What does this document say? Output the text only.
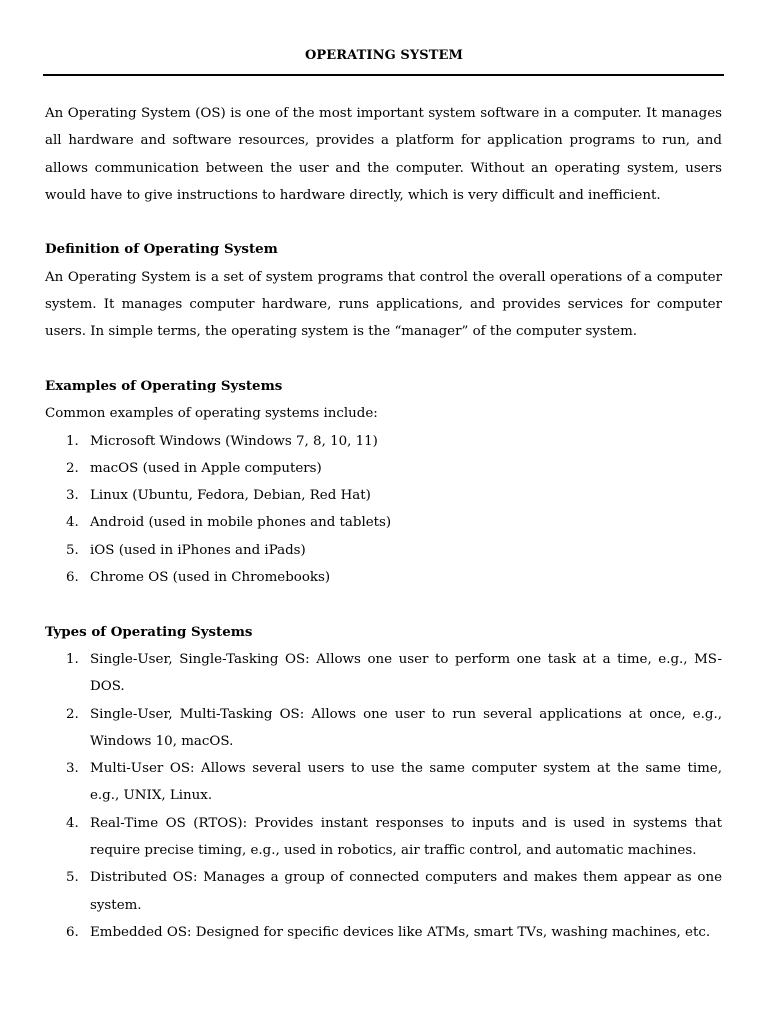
OPERATING SYSTEM

An Operating System (OS) is one of the most important system software in a computer. It manages all hardware and software resources, provides a platform for application programs to run, and allows communication between the user and the computer. Without an operating system, users would have to give instructions to hardware directly, which is very difficult and inefficient.

Definition of Operating System

An Operating System is a set of system programs that control the overall operations of a computer system. It manages computer hardware, runs applications, and provides services for computer users. In simple terms, the operating system is the “manager” of the computer system.

Examples of Operating Systems

Common examples of operating systems include:

1. Microsoft Windows (Windows 7, 8, 10, 11)
2. macOS (used in Apple computers)
3. Linux (Ubuntu, Fedora, Debian, Red Hat)
4. Android (used in mobile phones and tablets)
5. iOS (used in iPhones and iPads)
6. Chrome OS (used in Chromebooks)
Types of Operating Systems
1. Single-User, Single-Tasking OS: Allows one user to perform one task at a time, e.g., MS-DOS.
2. Single-User, Multi-Tasking OS: Allows one user to run several applications at once, e.g., Windows 10, macOS.
3. Multi-User OS: Allows several users to use the same computer system at the same time, e.g., UNIX, Linux.
4. Real-Time OS (RTOS): Provides instant responses to inputs and is used in systems that require precise timing, e.g., used in robotics, air traffic control, and automatic machines.
5. Distributed OS: Manages a group of connected computers and makes them appear as one system.
6. Embedded OS: Designed for specific devices like ATMs, smart TVs, washing machines, etc.
